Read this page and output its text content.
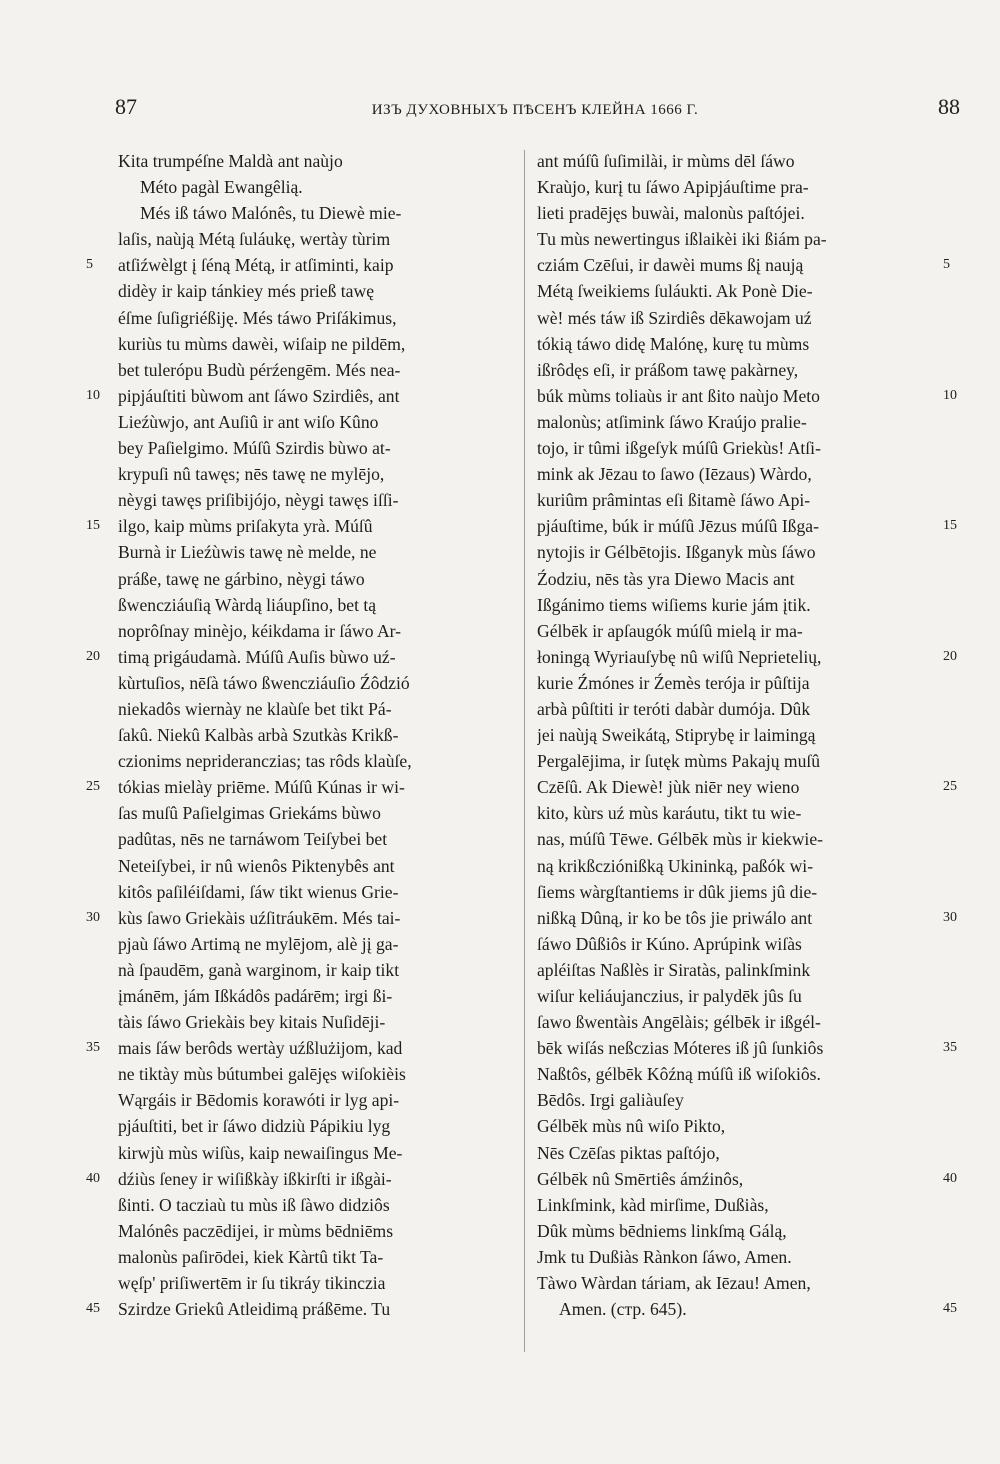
87	ИЗЪ ДУХОВНЫХЪ ПѢСЕНЪ КЛЕЙНА 1666 Г.	88
Kita trumpéſne Maldà ant naùjo
Méto pagàl Ewangêlią.
Més iß táwo Malónês, tu Diewè mie-
laſis, naùją Métą ſuláukę, wertày tùrim
atſiźwèlgt į ſéną Métą, ir atſiminti, kaip
didèy ir kaip tánkiey més prieß tawę
éſme ſuſigriéßiję. Més táwo Priſákimus,
kuriùs tu mùms dawèi, wiſaip ne pildēm,
bet tulerópu Budù pérźengēm. Més nea-
pipjáuſtiti bùwom ant ſáwo Szirdiês, ant
Lieźùwjo, ant Auſiû ir ant wiſo Kûno
bey Paſielgimo. Múſû Szirdis bùwo at-
krypuſi nû tawęs; nēs tawę ne mylējo,
nèygi tawęs priſibijójo, nèygi tawęs iſſi-
ilgo, kaip mùms priſakyta yrà. Múſû
Burnà ir Lieźùwis tawę nè melde, ne
práße, tawę ne gárbino, nèygi táwo
ßwencziáuſią Wàrdą liáupſino, bet tą
noprôſnay minèjo, kéikdama ir ſáwo Ar-
timą prigáudamà. Múſû Auſis bùwo uź-
kùrtuſios, nēſà táwo ßwencziáuſio Źôdzió
niekadôs wiernày ne klaùſe bet tikt Pá-
ſakû. Niekû Kalbàs arbà Szutkàs Krikß-
czionims neprideranczias; tas rôds klaùſe,
tókias mielày priēme. Múſû Kúnas ir wi-
ſas muſû Paſielgimas Griekáms bùwo
padûtas, nēs ne tarnáwom Teiſybei bet
Neteiſybei, ir nû wienôs Piktenybês ant
kitôs paſiléiſdami, ſáw tikt wienus Grie-
kùs ſawo Griekàis uźſitráukēm. Més tai-
pjaù ſáwo Artimą ne mylējom, alè jį ga-
nà ſpaudēm, ganà warginom, ir kaip tikt
įmánēm, jám Ißkádôs padárēm; irgi ßi-
tàis ſáwo Griekàis bey kitais Nuſidēji-
mais ſáw berôds wertày uźßlużijom, kad
ne tiktày mùs bútumbei galējęs wiſokièis
Wąrgáis ir Bēdomis korawóti ir lyg api-
pjáuſtiti, bet ir ſáwo didziù Pápikiu lyg
kirwjù mùs wiſùs, kaip newaiſingus Me-
dźiùs ſeney ir wiſißkày ißkirſti ir ißgài-
ßinti. O tacziaù tu mùs iß ſàwo didziôs
Malónês paczēdijei, ir mùms bēdniēms
malonùs paſirōdei, kiek Kàrtû tikt Ta-
węſp' priſiwertēm ir ſu tikráy tikinczia
Szirdze Griekû Atleidimą práßēme. Tu
ant múſû ſuſimilài, ir mùms dēl ſáwo
Kraùjo, kurį tu ſáwo Apipjáuſtime pra-
lieti pradējęs buwài, malonùs paſtójei.
Tu mùs newertingus ißlaikèi iki ßiám pa-
cziám Czēſui, ir dawèi mums ßį naują
Métą ſweikiems ſuláukti. Ak Ponè Die-
wè! més táw iß Szirdiês dēkawojam uź
tókią táwo didę Malónę, kurę tu mùms
ißrôdęs eſi, ir práßom tawę pakàrney,
búk mùms toliaùs ir ant ßito naùjo Meto
malonùs; atſimink ſáwo Kraújo pralie-
tojo, ir tûmi ißgeſyk múſû Griekùs! Atſi-
mink ak Jēzau to ſawo (Iēzaus) Wàrdo,
kuriûm prâmintas eſi ßitamè ſáwo Api-
pjáuſtime, búk ir múſû Jēzus múſû Ißga-
nytojis ir Gélbētojis. Ißganyk mùs ſáwo
Źodziu, nēs tàs yra Diewo Macis ant
Ißgánimo tiems wiſiems kurie jám įtik.
Gélbēk ir apſaugók múſû mielą ir ma-
łoningą Wyriauſybę nû wiſû Neprietelių,
kurie Źmónes ir Źemès terója ir pûſtija
arbà pûſtiti ir teróti dabàr dumója. Dûk
jei naùją Sweikátą, Stiprybę ir laimingą
Pergalējima, ir ſutęk mùms Pakajų muſû
Czēſû. Ak Diewè! jùk niēr ney wieno
kito, kùrs uź mùs karáutu, tikt tu wie-
nas, múſû Tēwe. Gélbēk mùs ir kiekwie-
ną krikßcziónißką Ukininką, paßók wi-
ſiems wàrgſtantiems ir dûk jiems jû die-
nißką Dûną, ir ko be tôs jie priwálo ant
ſáwo Dûßiôs ir Kúno. Aprúpink wiſàs
apléiſtas Naßlès ir Siratàs, palinkſmink
wiſur keliáujanczius, ir palydēk jûs ſu
ſawo ßwentàis Angēlàis; gélbēk ir ißgél-
bēk wiſás neßczias Móteres iß jû ſunkiôs
Naßtôs, gélbēk Kôźną múſû iß wiſokiôs.
Bēdôs. Irgi galiàuſey
Gélbēk mùs nû wiſo Pikto,
Nēs Czēſas piktas paſtójo,
Gélbēk nû Smērtiês ámźinôs,
Linkſmink, kàd mirſime, Dußiàs,
Dûk mùms bēdniems linkſmą Gálą,
Jmk tu Dußiàs Rànkon ſáwo, Amen.
Tàwo Wàrdan táriam, ak Iēzau! Amen,
Amen. (стр. 645).
5
10
15
20
25
30
35
40
45
5
10
15
20
25
30
35
40
45
